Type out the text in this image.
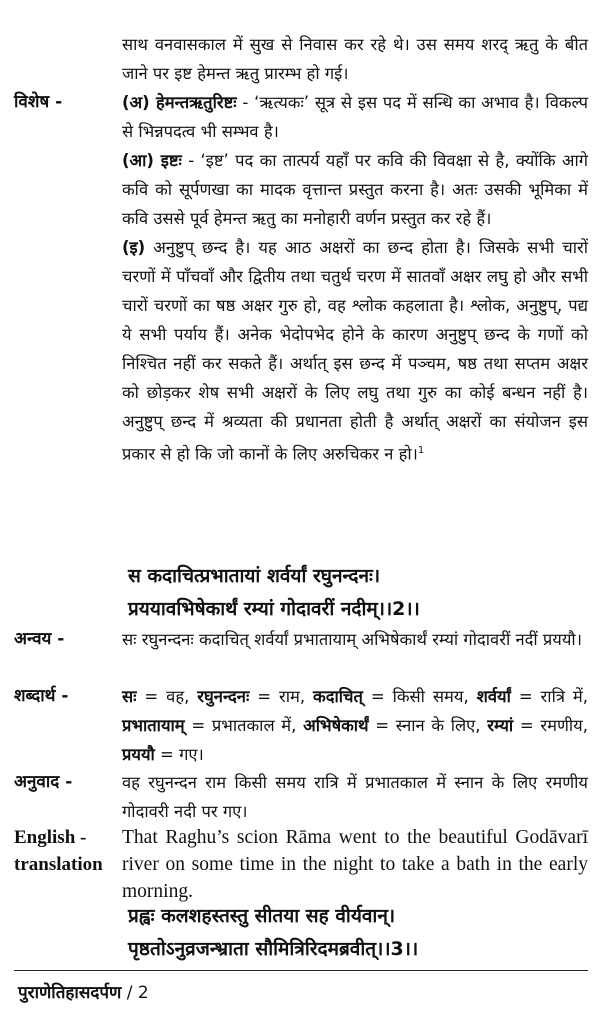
साथ वनवासकाल में सुख से निवास कर रहे थे। उस समय शरद् ऋतु के बीत जाने पर इष्ट हेमन्त ऋतु प्रारम्भ हो गई।

विशेष -	(अ) हेमन्तऋतुरिष्टः - ‘ऋत्यकः’ सूत्र से इस पद में सन्धि का अभाव है। विकल्प से भिन्नपदत्व भी सम्भव है।

(आ) इष्टः - ‘इष्ट’ पद का तात्पर्य यहाँ पर कवि की विवक्षा से है, क्योंकि आगे कवि को सूर्पणखा का मादक वृत्तान्त प्रस्तुत करना है। अतः उसकी भूमिका में कवि उससे पूर्व हेमन्त ऋतु का मनोहारी वर्णन प्रस्तुत कर रहे हैं।

(इ) अनुष्टुप् छन्द है। यह आठ अक्षरों का छन्द होता है। जिसके सभी चारों चरणों में पाँचवाँ और द्वितीय तथा चतुर्थ चरण में सातवाँ अक्षर लघु हो और सभी चारों चरणों का षष्ठ अक्षर गुरु हो, वह श्लोक कहलाता है। श्लोक, अनुष्टुप्, पद्य ये सभी पर्याय हैं। अनेक भेदोपभेद होने के कारण अनुष्टुप् छन्द के गणों को निश्चित नहीं कर सकते हैं। अर्थात् इस छन्द में पञ्चम, षष्ठ तथा सप्तम अक्षर को छोड़कर शेष सभी अक्षरों के लिए लघु तथा गुरु का कोई बन्धन नहीं है। अनुष्टुप् छन्द में श्रव्यता की प्रधानता होती है अर्थात् अक्षरों का संयोजन इस प्रकार से हो कि जो कानों के लिए अरुचिकर न हो।$^1$

स कदाचित्प्रभातायां शर्वर्यां रघुनन्दनः।
प्रययावभिषेकार्थं रम्यां गोदावरीं नदीम्।।2।।
अन्वय -	सः रघुनन्दनः कदाचित् शर्वर्यां प्रभातायाम् अभिषेकार्थं रम्यां गोदावरीं नदीं प्रययौ।
शब्दार्थ -	सः = वह, रघुनन्दनः = राम, कदाचित् = किसी समय, शर्वर्यां = रात्रि में, प्रभातायाम् = प्रभातकाल में, अभिषेकार्थं = स्नान के लिए, रम्यां = रमणीय, प्रययौ = गए।
अनुवाद -	वह रघुनन्दन राम किसी समय रात्रि में प्रभातकाल में स्नान के लिए रमणीय गोदावरी नदी पर गए।
English -
translation
That Raghu’s scion Rāma went to the beautiful Godāvarī river on some time in the night to take a bath in the early morning.
प्रह्वः कलशहस्तस्तु सीतया सह वीर्यवान्।
पृष्ठतोऽनुव्रजन्भ्राता सौमित्रिरिदमब्रवीत्।।3।।
पुराणेतिहासदर्पण / 2
